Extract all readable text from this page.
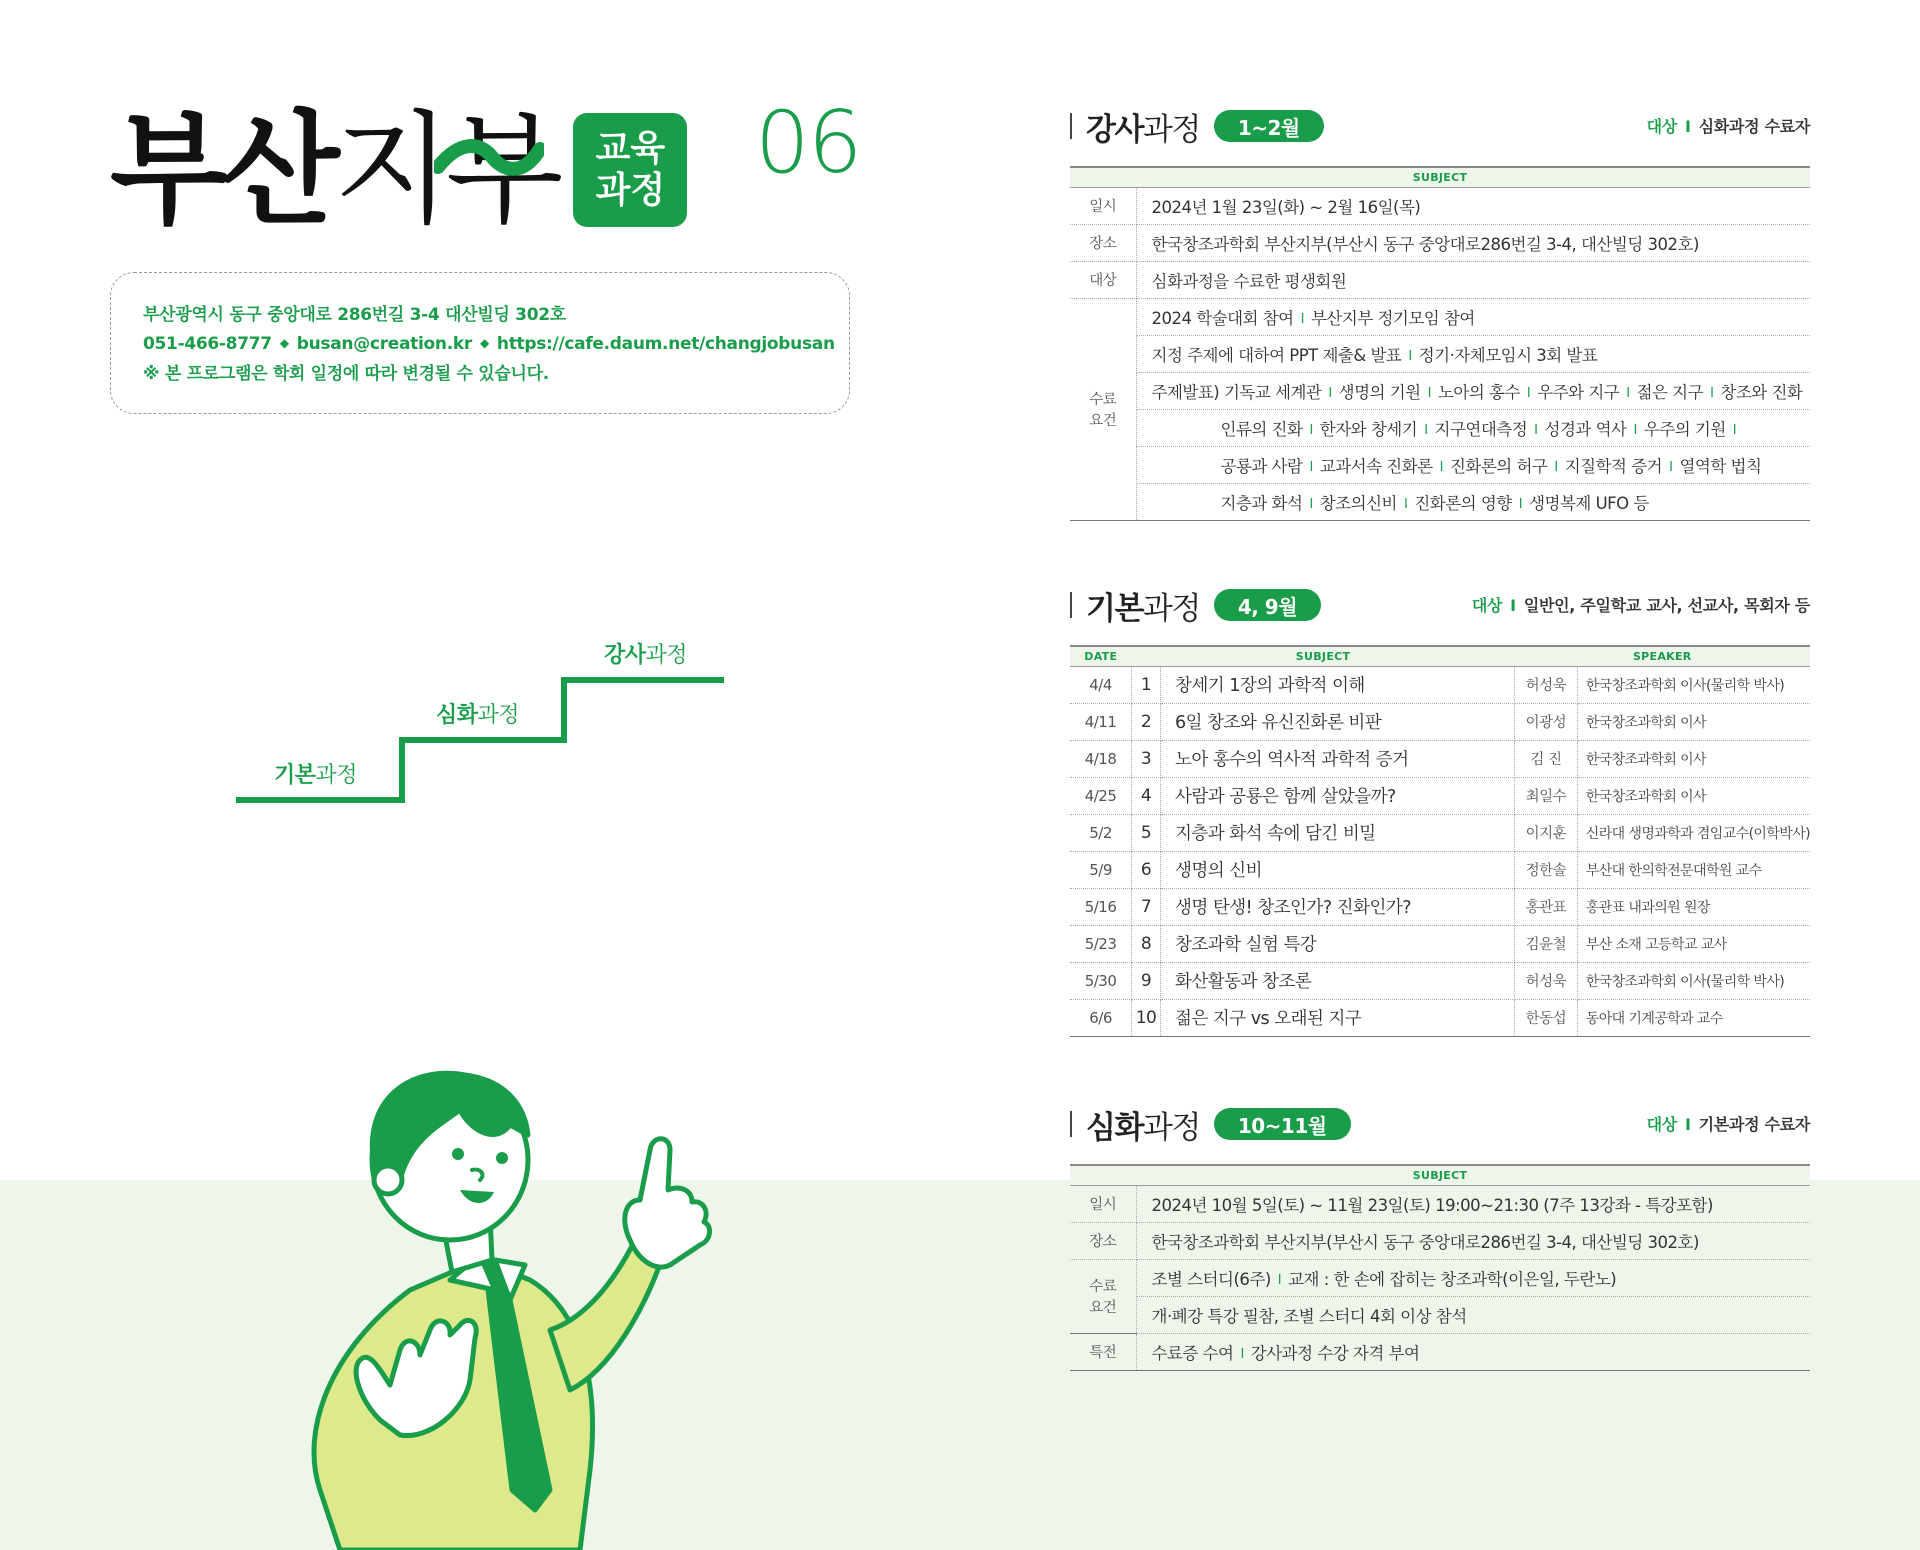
부산 지부 교육
과정 06
부산광역시 동구 중앙대로 286번길 3-4 대산빌딩 302호
051-466-8777 ◆ busan@creation.kr ◆ https://cafe.daum.net/changjobusan
※ 본 프로그램은 학회 일정에 따라 변경될 수 있습니다.
기본과정
심화과정
강사과정
강사과정	1~2월	대상 I 심화과정 수료자
SUBJECT	
일시	2024년 1월 23일(화) ~ 2월 16일(목)
장소	한국창조과학회 부산지부(부산시 동구 중앙대로286번길 3-4, 대산빌딩 302호)
대상	심화과정을 수료한 평생회원
수료
요건	2024 학술대회 참여 I 부산지부 정기모임 참여
	지정 주제에 대하여 PPT 제출& 발표 I 정기·자체모임시 3회 발표
	주제발표) 기독교 세계관 I 생명의 기원 I 노아의 홍수 I 우주와 지구 I 젊은 지구 I 창조와 진화
	인류의 진화 I 한자와 창세기 I 지구연대측정 I 성경과 역사 I 우주의 기원 I
	공룡과 사람 I 교과서속 진화론 I 진화론의 허구 I 지질학적 증거 I 열역학 법칙
	지층과 화석 I 창조의신비 I 진화론의 영향 I 생명복제 UFO 등
기본과정	4, 9월	대상 I 일반인, 주일학교 교사, 선교사, 목회자 등
DATE	SUBJECT		SPEAKER	
4/4	1	창세기 1장의 과학적 이해	허성욱	한국창조과학회 이사(물리학 박사)
4/11	2	6일 창조와 유신진화론 비판	이광성	한국창조과학회 이사
4/18	3	노아 홍수의 역사적 과학적 증거	김 진	한국창조과학회 이사
4/25	4	사람과 공룡은 함께 살았을까?	최일수	한국창조과학회 이사
5/2	5	지층과 화석 속에 담긴 비밀	이지훈	신라대 생명과학과 겸임교수(이학박사)
5/9	6	생명의 신비	정한솔	부산대 한의학전문대학원 교수
5/16	7	생명 탄생! 창조인가? 진화인가?	홍관표	홍관표 내과의원 원장
5/23	8	창조과학 실험 특강	김윤철	부산 소재 고등학교 교사
5/30	9	화산활동과 창조론	허성욱	한국창조과학회 이사(물리학 박사)
6/6	10	젊은 지구 vs 오래된 지구	한동섭	동아대 기계공학과 교수
심화과정	10~11월	대상 I 기본과정 수료자
SUBJECT	
일시	2024년 10월 5일(토) ~ 11월 23일(토) 19:00~21:30 (7주 13강좌 - 특강포함)
장소	한국창조과학회 부산지부(부산시 동구 중앙대로286번길 3-4, 대산빌딩 302호)
수료
요건	조별 스터디(6주) I 교재 : 한 손에 잡히는 창조과학(이은일, 두란노)
	개·폐강 특강 필참, 조별 스터디 4회 이상 참석
특전	수료증 수여 I 강사과정 수강 자격 부여
